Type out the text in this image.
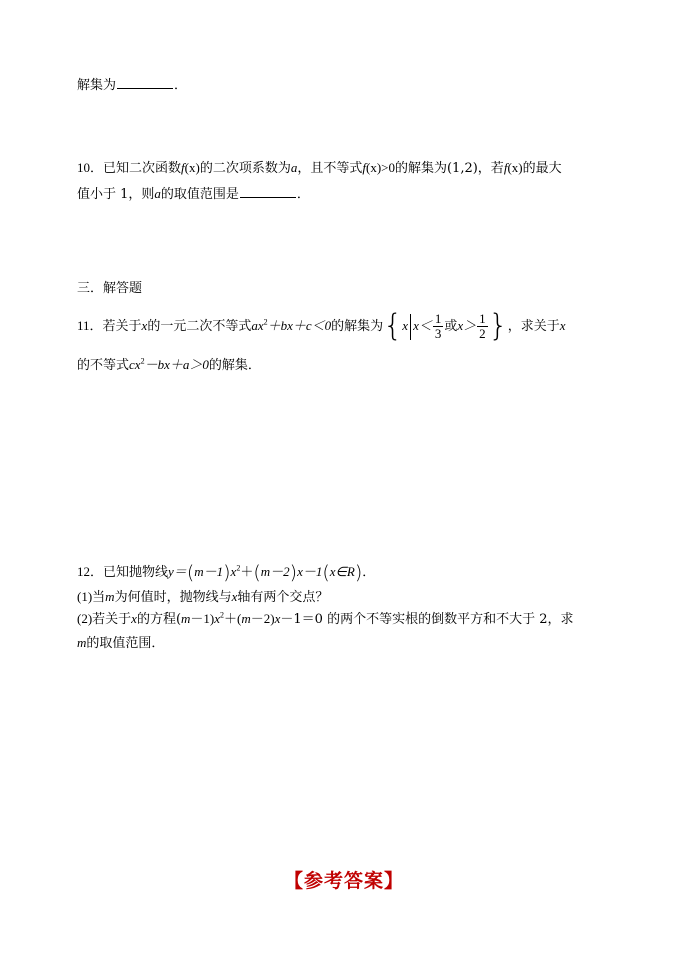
解集为	．
10．已知二次函数f(x)的二次项系数为a，且不等式f(x)>0的解集为(1,2)，若f(x)的最大
值小于 1，则a的取值范围是	．
三．解答题
11．若关于x的一元二次不等式$ax^2+bx+c<0$的解集为{x $x< \frac{1}{3}$ 或$x> \frac{1}{2}$ }，求关于x
的不等式$cx^2-bx+a>0$的解集．
12．已知抛物线$y=(m-1)x^2+(m-2)x-1(x\in R)$．
(1)当m为何值时，抛物线与x轴有两个交点？
(2)若关于x的方程$(m-1)x^2+(m-2)x-1=0$ 的两个不等实根的倒数平方和不大于 2，求
m的取值范围．
【参考答案】
